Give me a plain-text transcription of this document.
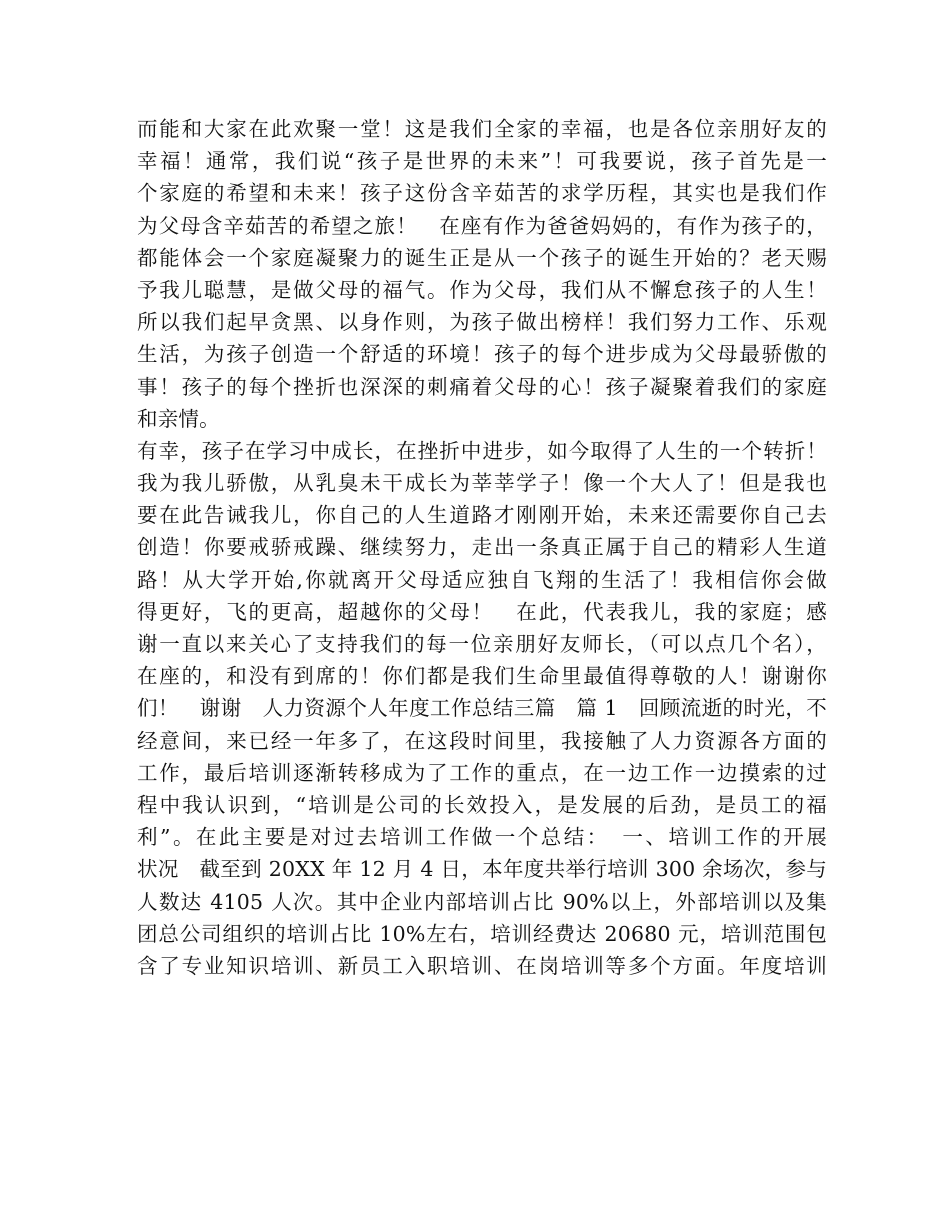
而能和大家在此欢聚一堂！这是我们全家的幸福，也是各位亲朋好友的
幸福！通常，我们说“孩子是世界的未来”！可我要说，孩子首先是一
个家庭的希望和未来！孩子这份含辛茹苦的求学历程，其实也是我们作
为父母含辛茹苦的希望之旅！　在座有作为爸爸妈妈的，有作为孩子的，
都能体会一个家庭凝聚力的诞生正是从一个孩子的诞生开始的？老天赐
予我儿聪慧，是做父母的福气。作为父母，我们从不懈怠孩子的人生！
所以我们起早贪黑、以身作则，为孩子做出榜样！我们努力工作、乐观
生活，为孩子创造一个舒适的环境！孩子的每个进步成为父母最骄傲的
事！孩子的每个挫折也深深的刺痛着父母的心！孩子凝聚着我们的家庭
和亲情。
有幸，孩子在学习中成长，在挫折中进步，如今取得了人生的一个转折！
我为我儿骄傲，从乳臭未干成长为莘莘学子！像一个大人了！但是我也
要在此告诫我儿，你自己的人生道路才刚刚开始，未来还需要你自己去
创造！你要戒骄戒躁、继续努力，走出一条真正属于自己的精彩人生道
路！从大学开始,你就离开父母适应独自飞翔的生活了！我相信你会做
得更好，飞的更高，超越你的父母！　在此，代表我儿，我的家庭；感
谢一直以来关心了支持我们的每一位亲朋好友师长，（可以点几个名），
在座的，和没有到席的！你们都是我们生命里最值得尊敬的人！谢谢你
们！　谢谢　人力资源个人年度工作总结三篇　篇 1　回顾流逝的时光，不
经意间，来已经一年多了，在这段时间里，我接触了人力资源各方面的
工作，最后培训逐渐转移成为了工作的重点，在一边工作一边摸索的过
程中我认识到，“培训是公司的长效投入，是发展的后劲，是员工的福
利”。在此主要是对过去培训工作做一个总结：　一、培训工作的开展
状况　截至到 20XX 年 12 月 4 日，本年度共举行培训 300 余场次，参与
人数达 4105 人次。其中企业内部培训占比 90%以上，外部培训以及集
团总公司组织的培训占比 10%左右，培训经费达 20680 元，培训范围包
含了专业知识培训、新员工入职培训、在岗培训等多个方面。年度培训
